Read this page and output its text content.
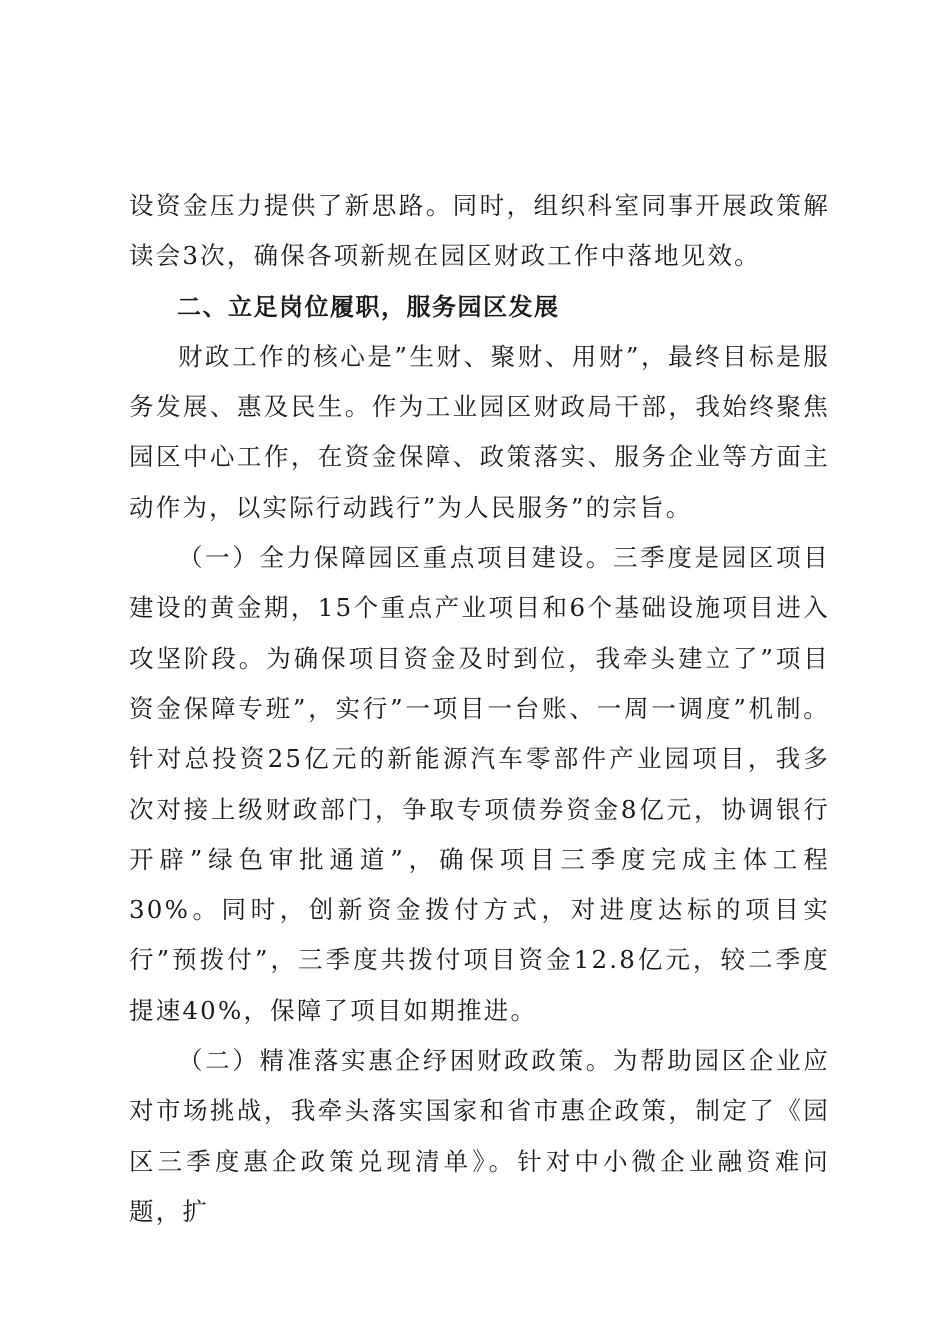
设资金压力提供了新思路。同时，组织科室同事开展政策解读会3次，确保各项新规在园区财政工作中落地见效。

二、立足岗位履职，服务园区发展

财政工作的核心是”生财、聚财、用财”，最终目标是服务发展、惠及民生。作为工业园区财政局干部，我始终聚焦园区中心工作，在资金保障、政策落实、服务企业等方面主动作为，以实际行动践行”为人民服务”的宗旨。

（一）全力保障园区重点项目建设。三季度是园区项目建设的黄金期，15个重点产业项目和6个基础设施项目进入攻坚阶段。为确保项目资金及时到位，我牵头建立了”项目资金保障专班”，实行”一项目一台账、一周一调度”机制。针对总投资25亿元的新能源汽车零部件产业园项目，我多次对接上级财政部门，争取专项债券资金8亿元，协调银行开辟”绿色审批通道”，确保项目三季度完成主体工程30%。同时，创新资金拨付方式，对进度达标的项目实行”预拨付”，三季度共拨付项目资金12.8亿元，较二季度提速40%，保障了项目如期推进。

（二）精准落实惠企纾困财政政策。为帮助园区企业应对市场挑战，我牵头落实国家和省市惠企政策，制定了《园区三季度惠企政策兑现清单》。针对中小微企业融资难问题，扩
